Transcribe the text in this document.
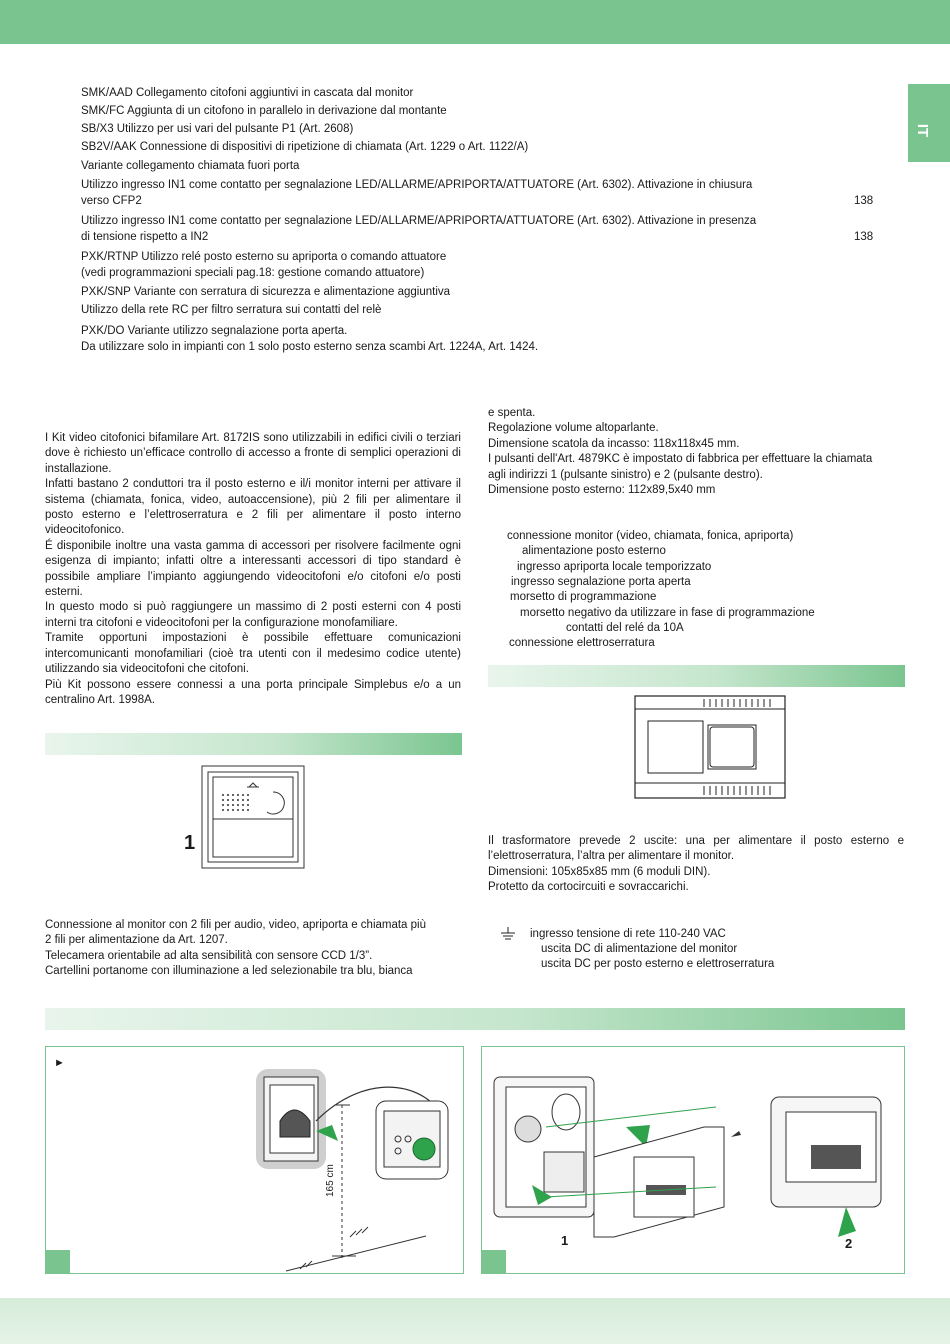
IT
SMK/AAD Collegamento citofoni aggiuntivi in cascata dal monitor
SMK/FC Aggiunta di un citofono in parallelo in derivazione dal montante
SB/X3 Utilizzo per usi vari del pulsante P1 (Art. 2608)
SB2V/AAK Connessione di dispositivi di ripetizione di chiamata (Art. 1229 o Art. 1122/A)
Variante collegamento chiamata fuori porta
Utilizzo ingresso IN1 come contatto per segnalazione LED/ALLARME/APRIPORTA/ATTUATORE (Art. 6302). Attivazione in chiusura
verso CFP2	138
Utilizzo ingresso IN1 come contatto per segnalazione LED/ALLARME/APRIPORTA/ATTUATORE (Art. 6302). Attivazione in presenza
di tensione rispetto a IN2	138
PXK/RTNP Utilizzo relé posto esterno su apriporta o comando attuatore
(vedi programmazioni speciali pag.18: gestione comando attuatore)
PXK/SNP Variante con serratura di sicurezza e alimentazione aggiuntiva
Utilizzo della rete RC per filtro serratura sui contatti del relè
PXK/DO Variante utilizzo segnalazione porta aperta.
Da utilizzare solo in impianti con 1 solo posto esterno senza scambi Art. 1224A, Art. 1424.
I Kit video citofonici bifamilare Art. 8172IS sono utilizzabili in edifici civili o terziari dove è richiesto un’efficace controllo di accesso a fronte di semplici operazioni di installazione.
Infatti bastano 2 conduttori tra il posto esterno e il/i monitor interni per attivare il sistema (chiamata, fonica, video, autoaccensione), più 2 fili per alimentare il posto esterno e l’elettroserratura e 2 fili per alimentare il posto interno videocitofonico.
É disponibile inoltre una vasta gamma di accessori per risolvere facilmente ogni esigenza di impianto; infatti oltre a interessanti accessori di tipo standard è possibile ampliare l’impianto aggiungendo videocitofoni e/o citofoni e/o posti esterni.
In questo modo si può raggiungere un massimo di 2 posti esterni con 4 posti interni tra citofoni e videocitofoni per la configurazione monofamiliare.
Tramite opportuni impostazioni è possibile effettuare comunicazioni intercomunicanti monofamiliari (cioè tra utenti con il medesimo codice utente) utilizzando sia videocitofoni che citofoni.
Più Kit possono essere connessi a una porta principale Simplebus e/o a un centralino Art. 1998A.
e spenta.
Regolazione volume altoparlante.
Dimensione scatola da incasso: 118x118x45 mm.
I pulsanti dell'Art. 4879KC è impostato di fabbrica per effettuare la chiamata
agli indirizzi 1 (pulsante sinistro) e 2 (pulsante destro).
Dimensione posto esterno: 112x89,5x40 mm
connessione monitor (video, chiamata, fonica, apriporta)
alimentazione posto esterno
ingresso apriporta locale temporizzato
ingresso segnalazione porta aperta
morsetto di programmazione
morsetto negativo da utilizzare in fase di programmazione
contatti del relé da 10A
connessione elettroserratura
1
Connessione al monitor con 2 fili per audio, video, apriporta e chiamata più
2 fili per alimentazione da Art. 1207.
Telecamera orientabile ad alta sensibilità con sensore CCD 1/3”.
Cartellini portanome con illuminazione a led selezionabile tra blu, bianca
Il trasformatore prevede 2 uscite: una per alimentare il posto esterno e l’elettroserratura, l’altra per alimentare il monitor.
Dimensioni: 105x85x85 mm (6 moduli DIN).
Protetto da cortocircuiti e sovraccarichi.
ingresso tensione di rete 110-240 VAC
uscita DC di alimentazione del monitor
uscita DC per posto esterno e elettroserratura
►
165 cm
1	2
